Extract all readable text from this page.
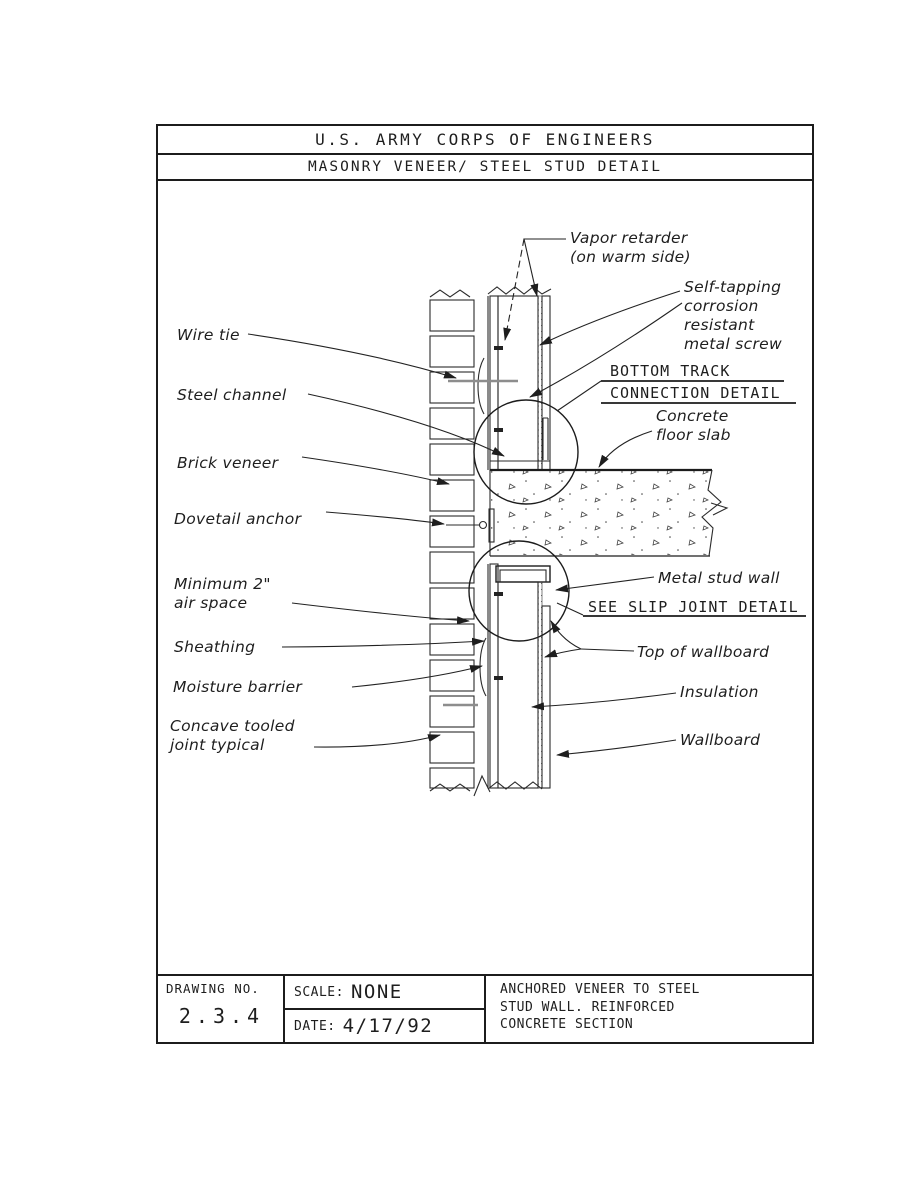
U.S. ARMY CORPS OF ENGINEERS
MASONRY VENEER/ STEEL STUD DETAIL
DRAWING NO.
2.3.4
SCALE: NONE
DATE: 4/17/92
ANCHORED VENEER TO STEEL
STUD WALL. REINFORCED
CONCRETE SECTION
Wire tie
Steel channel
Brick veneer
Dovetail anchor
Minimum 2"
air space
Sheathing
Moisture barrier
Concave tooled
joint typical
Vapor retarder
(on warm side)
Self-tapping
corrosion
resistant
metal screw
BOTTOM TRACK
CONNECTION DETAIL
Concrete
floor slab
Metal stud wall
SEE SLIP JOINT DETAIL
Top of wallboard
Insulation
Wallboard
